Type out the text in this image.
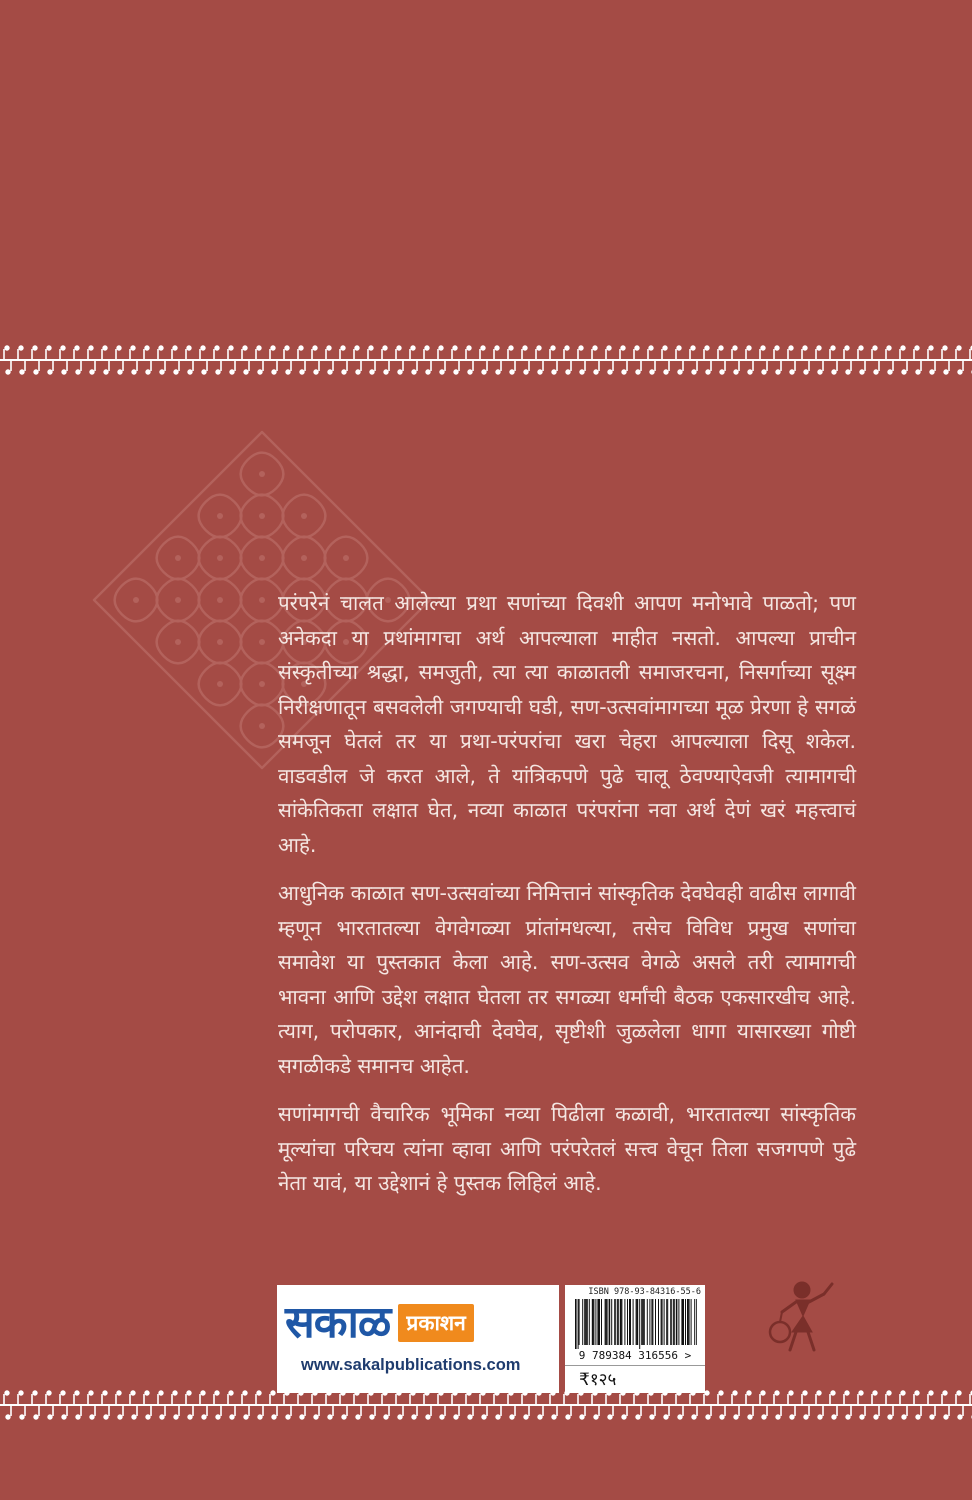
परंपरेनं चालत आलेल्या प्रथा सणांच्या दिवशी आपण मनोभावे पाळतो; पण अनेकदा या प्रथांमागचा अर्थ आपल्याला माहीत नसतो. आपल्या प्राचीन संस्कृतीच्या श्रद्धा, समजुती, त्या त्या काळातली समाजरचना, निसर्गाच्या सूक्ष्म निरीक्षणातून बसवलेली जगण्याची घडी, सण-उत्सवांमागच्या मूळ प्रेरणा हे सगळं समजून घेतलं तर या प्रथा-परंपरांचा खरा चेहरा आपल्याला दिसू शकेल. वाडवडील जे करत आले, ते यांत्रिकपणे पुढे चालू ठेवण्याऐवजी त्यामागची सांकेतिकता लक्षात घेत, नव्या काळात परंपरांना नवा अर्थ देणं खरं महत्त्वाचं आहे.

आधुनिक काळात सण-उत्सवांच्या निमित्तानं सांस्कृतिक देवघेवही वाढीस लागावी म्हणून भारतातल्या वेगवेगळ्या प्रांतांमधल्या, तसेच विविध प्रमुख सणांचा समावेश या पुस्तकात केला आहे. सण-उत्सव वेगळे असले तरी त्यामागची भावना आणि उद्देश लक्षात घेतला तर सगळ्या धर्मांची बैठक एकसारखीच आहे. त्याग, परोपकार, आनंदाची देवघेव, सृष्टीशी जुळलेला धागा यासारख्या गोष्टी सगळीकडे समानच आहेत.

सणांमागची वैचारिक भूमिका नव्या पिढीला कळावी, भारतातल्या सांस्कृतिक मूल्यांचा परिचय त्यांना व्हावा आणि परंपरेतलं सत्त्व वेचून तिला सजगपणे पुढे नेता यावं, या उद्देशानं हे पुस्तक लिहिलं आहे.

सकाळ प्रकाशन
www.sakalpublications.com
ISBN 978-93-84316-55-6
9 789384 316556 >
₹१२५
